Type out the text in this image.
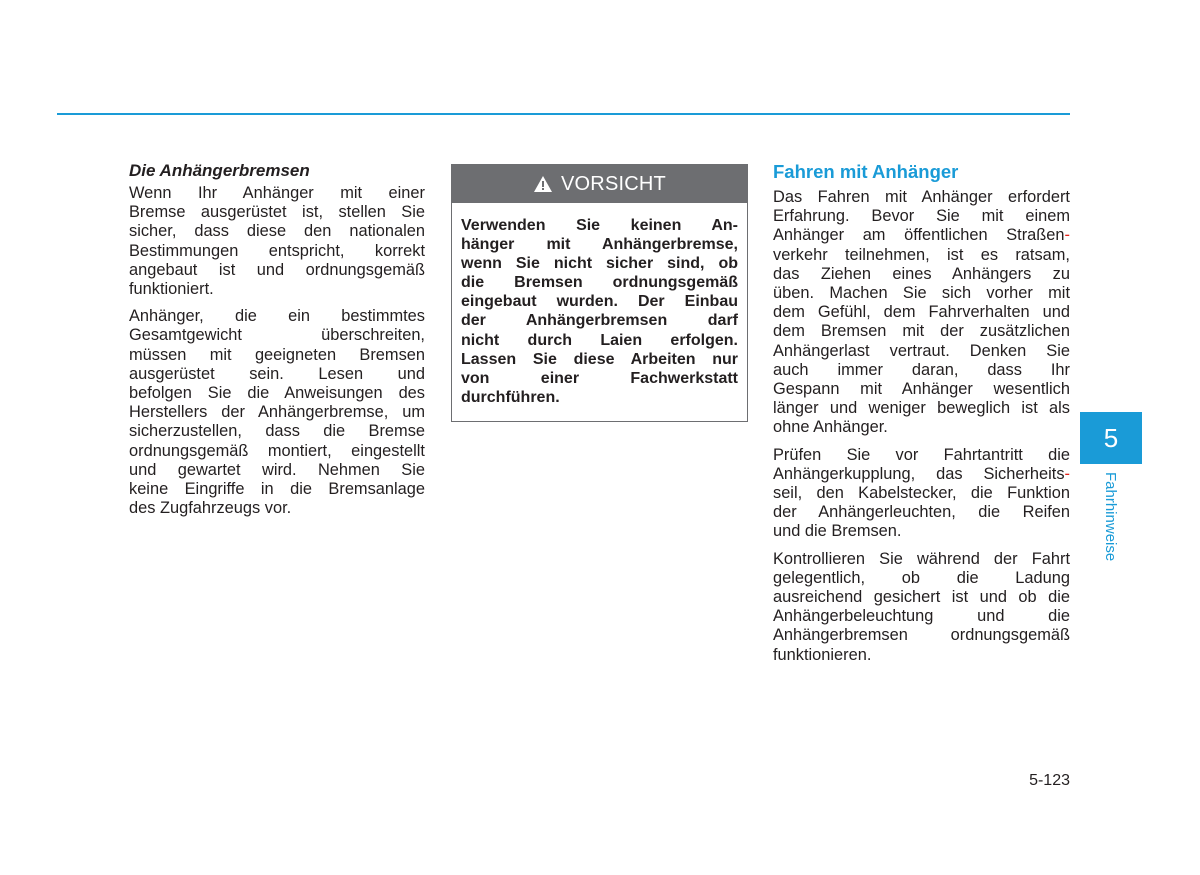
Die Anhängerbremsen
Wenn Ihr Anhänger mit einer
Bremse ausgerüstet ist, stellen Sie
sicher, dass diese den nationalen
Bestimmungen entspricht, korrekt
angebaut ist und ordnungsgemäß
funktioniert.
Anhänger, die ein bestimmtes
Gesamtgewicht überschreiten,
müssen mit geeigneten Bremsen
ausgerüstet sein. Lesen und
befolgen Sie die Anweisungen des
Herstellers der Anhängerbremse, um
sicherzustellen, dass die Bremse
ordnungsgemäß montiert, eingestellt
und gewartet wird. Nehmen Sie
keine Eingriffe in die Bremsanlage
des Zugfahrzeugs vor.
VORSICHT
Verwenden Sie keinen An-
hänger mit Anhängerbremse,
wenn Sie nicht sicher sind, ob
die Bremsen ordnungsgemäß
eingebaut wurden. Der Einbau
der Anhängerbremsen darf
nicht durch Laien erfolgen.
Lassen Sie diese Arbeiten nur
von einer Fachwerkstatt
durchführen.
Fahren mit Anhänger
Das Fahren mit Anhänger erfordert
Erfahrung. Bevor Sie mit einem
Anhänger am öffentlichen Straßen-
verkehr teilnehmen, ist es ratsam,
das Ziehen eines Anhängers zu
üben. Machen Sie sich vorher mit
dem Gefühl, dem Fahrverhalten und
dem Bremsen mit der zusätzlichen
Anhängerlast vertraut. Denken Sie
auch immer daran, dass Ihr
Gespann mit Anhänger wesentlich
länger und weniger beweglich ist als
ohne Anhänger.
Prüfen Sie vor Fahrtantritt die
Anhängerkupplung, das Sicherheits-
seil, den Kabelstecker, die Funktion
der Anhängerleuchten, die Reifen
und die Bremsen.
Kontrollieren Sie während der Fahrt
gelegentlich, ob die Ladung
ausreichend gesichert ist und ob die
Anhängerbeleuchtung und die
Anhängerbremsen ordnungsgemäß
funktionieren.
5
Fahrhinweise
5-123
